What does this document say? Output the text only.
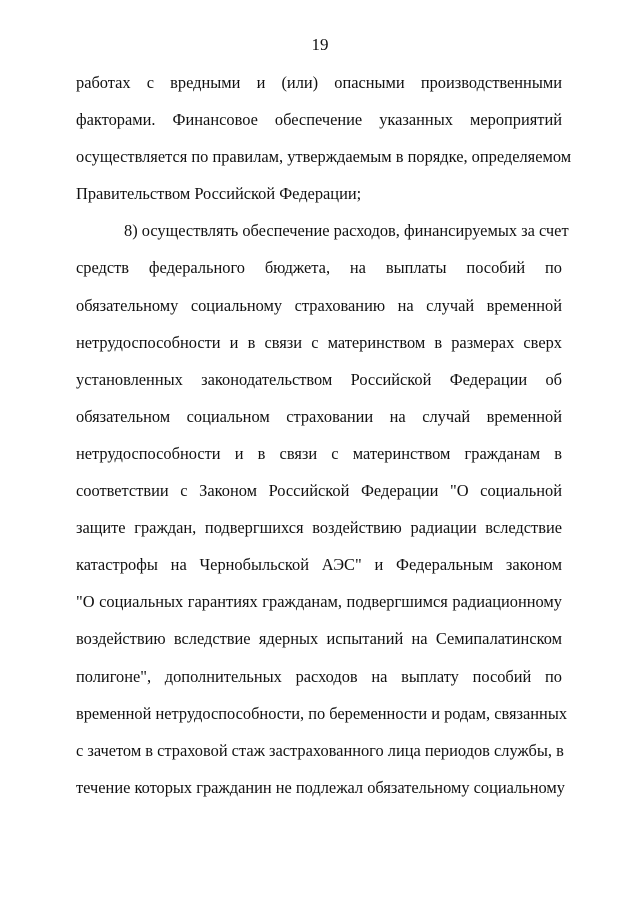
19
работах с вредными и (или) опасными производственными
факторами. Финансовое обеспечение указанных мероприятий
осуществляется по правилам, утверждаемым в порядке, определяемом
Правительством Российской Федерации;
8) осуществлять обеспечение расходов, финансируемых за счет
средств федерального бюджета, на выплаты пособий по
обязательному социальному страхованию на случай временной
нетрудоспособности и в связи с материнством в размерах сверх
установленных законодательством Российской Федерации об
обязательном социальном страховании на случай временной
нетрудоспособности и в связи с материнством гражданам в
соответствии с Законом Российской Федерации "О социальной
защите граждан, подвергшихся воздействию радиации вследствие
катастрофы на Чернобыльской АЭС" и Федеральным законом
"О социальных гарантиях гражданам, подвергшимся радиационному
воздействию вследствие ядерных испытаний на Семипалатинском
полигоне", дополнительных расходов на выплату пособий по
временной нетрудоспособности, по беременности и родам, связанных
с зачетом в страховой стаж застрахованного лица периодов службы, в
течение которых гражданин не подлежал обязательному социальному
